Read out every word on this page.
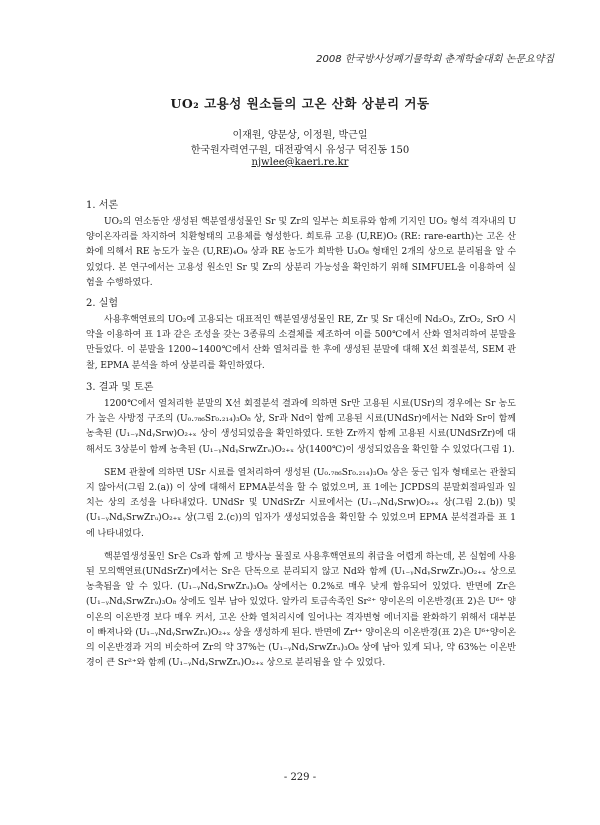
2008 한국방사성폐기물학회 춘계학술대회 논문요약집
UO₂ 고용성 원소들의 고온 산화 상분리 거동
이재원, 양문상, 이정원, 박근일
한국원자력연구원, 대전광역시 유성구 덕진동 150
njwlee@kaeri.re.kr
1. 서론

UO₂의 연소동안 생성된 핵분열생성물인 Sr 및 Zr의 일부는 희토류와 함께 기지인 UO₂ 형석 격자내의 U 양이온자리를 차지하여 치환형태의 고용체를 형성한다. 희토류 고용 (U,RE)O₂ (RE: rare-earth)는 고온 산화에 의해서 RE 농도가 높은 (U,RE)₄O₉ 상과 RE 농도가 희박한 U₃O₈ 형태인 2개의 상으로 분리됨을 알 수 있었다. 본 연구에서는 고용성 원소인 Sr 및 Zr의 상분리 가능성을 확인하기 위해 SIMFUEL을 이용하여 실험을 수행하였다.

2. 실험

사용후핵연료의 UO₂에 고용되는 대표적인 핵분열생성물인 RE, Zr 및 Sr 대신에 Nd₂O₃, ZrO₂, SrO 시약을 이용하여 표 1과 같은 조성을 갖는 3종류의 소결체를 제조하여 이를 500℃에서 산화 열처리하여 분말을 만들었다. 이 분말을 1200~1400℃에서 산화 열처리를 한 후에 생성된 분말에 대해 X선 회절분석, SEM 관찰, EPMA 분석을 하여 상분리를 확인하였다.

3. 결과 및 토론

1200℃에서 열처리한 분말의 X선 회절분석 결과에 의하면 Sr만 고용된 시료(USr)의 경우에는 Sr 농도가 높은 사방정 구조의 (U₀.₇₈₆Sr₀.₂₁₄)₃O₈ 상, Sr과 Nd이 함께 고용된 시료(UNdSr)에서는 Nd와 Sr이 함께 농축된 (U₁₋ᵧNdᵧSrw)O₂₊ₓ 상이 생성되었음을 확인하였다. 또한 Zr까지 함께 고용된 시료(UNdSrZr)에 대해서도 3상분이 함께 농축된 (U₁₋ᵧNdᵧSrwZrᵤ)O₂₊ₓ 상(1400℃)이 생성되었음을 확인할 수 있었다(그림 1).

SEM 관찰에 의하면 USr 시료를 열처리하여 생성된 (U₀.₇₈₆Sr₀.₂₁₄)₃O₈ 상은 둥근 입자 형태로는 관찰되지 않아서(그림 2.(a)) 이 상에 대해서 EPMA분석을 할 수 없었으며, 표 1에는 JCPDS의 분말회절파일과 일치는 상의 조성을 나타내었다. UNdSr 및 UNdSrZr 시료에서는 (U₁₋ᵧNdᵧSrw)O₂₊ₓ 상(그림 2.(b)) 및 (U₁₋ᵧNdᵧSrwZrᵤ)O₂₊ₓ 상(그림 2.(c))의 입자가 생성되었음을 확인할 수 있었으며 EPMA 분석결과를 표 1에 나타내었다.

핵분열생성물인 Sr은 Cs과 함께 고 방사능 물질로 사용후핵연료의 취급을 어렵게 하는데, 본 실험에 사용된 모의핵연료(UNdSrZr)에서는 Sr은 단독으로 분리되지 않고 Nd와 함께 (U₁₋ᵧNdᵧSrwZrᵤ)O₂₊ₓ 상으로 농축됨을 알 수 있다. (U₁₋ᵧNdᵧSrwZrᵤ)₃O₈ 상에서는 0.2%로 매우 낮게 함유되어 있었다. 반면에 Zr은 (U₁₋ᵧNdᵧSrwZrᵤ)₃O₈ 상에도 일부 남아 있었다. 알카리 토금속족인 Sr²⁺ 양이온의 이온반경(표 2)은 U⁶⁺ 양이온의 이온반경 보다 매우 커서, 고온 산화 열처리시에 일어나는 격자변형 에너지를 완화하기 위해서 대부분이 빠져나와 (U₁₋ᵧNdᵧSrwZrᵤ)O₂₊ₓ 상을 생성하게 된다. 반면에 Zr⁴⁺ 양이온의 이온반경(표 2)은 U⁶⁺양이온의 이온반경과 거의 비슷하여 Zr의 약 37%는 (U₁₋ᵧNdᵧSrwZrᵤ)₃O₈ 상에 남아 있게 되나, 약 63%는 이온반경이 큰 Sr²⁺와 함께 (U₁₋ᵧNdᵧSrwZrᵤ)O₂₊ₓ 상으로 분리됨을 알 수 있었다.

- 229 -
